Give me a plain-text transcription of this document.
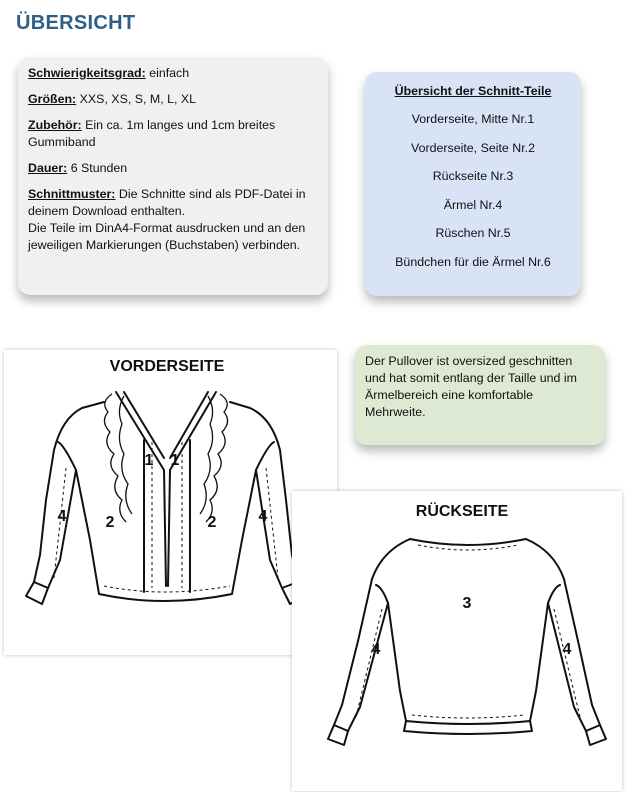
ÜBERSICHT

Schwierigkeitsgrad: einfach

Größen: XXS, XS, S, M, L, XL

Zubehör: Ein ca. 1m langes und 1cm breites Gummiband

Dauer: 6 Stunden

Schnittmuster: Die Schnitte sind als PDF-Datei in deinem Download enthalten.
Die Teile im DinA4-Format ausdrucken und an den jeweiligen Markierungen (Buchstaben) verbinden.

Übersicht der Schnitt-Teile
Vorderseite, Mitte Nr.1
Vorderseite, Seite Nr.2
Rückseite Nr.3
Ärmel Nr.4
Rüschen Nr.5
Bündchen für die Ärmel Nr.6
Der Pullover ist oversized geschnitten und hat somit entlang der Taille und im Ärmelbereich eine komfortable Mehrweite.
VORDERSEITE
1 1
2	2
4	4	RÜCKSEITE
3
4	4
